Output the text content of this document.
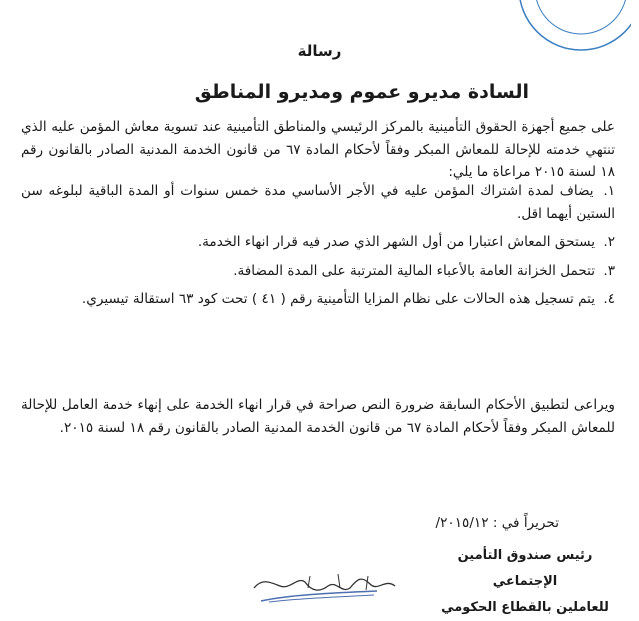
رسالة
السادة مديرو عموم ومديرو المناطق
على جميع أجهزة الحقوق التأمينية بالمركز الرئيسي والمناطق التأمينية عند تسوية معاش المؤمن عليه الذي تنتهي خدمته للإحالة للمعاش المبكر وفقاً لأحكام المادة ٦٧ من قانون الخدمة المدنية الصادر بالقانون رقم ١٨ لسنة ٢٠١٥ مراعاة ما يلي:
١. يضاف لمدة اشتراك المؤمن عليه في الأجر الأساسي مدة خمس سنوات أو المدة الباقية لبلوغه سن الستين أيهما اقل.
٢. يستحق المعاش اعتبارا من أول الشهر الذي صدر فيه قرار انهاء الخدمة.
٣. تتحمل الخزانة العامة بالأعباء المالية المترتبة على المدة المضافة.
٤. يتم تسجيل هذه الحالات على نظام المزايا التأمينية رقم ( ٤١ ) تحت كود ٦٣ استقالة تيسيري.
ويراعى لتطبيق الأحكام السابقة ضرورة النص صراحة في قرار انهاء الخدمة على إنهاء خدمة العامل للإحالة للمعاش المبكر وفقاً لأحكام المادة ٦٧ من قانون الخدمة المدنية الصادر بالقانون رقم ١٨ لسنة ٢٠١٥.
تحريراً في : ٢٠١٥/١٢/
رئيس صندوق التأمين الإجتماعي
للعاملين بالقطاع الحكومي
